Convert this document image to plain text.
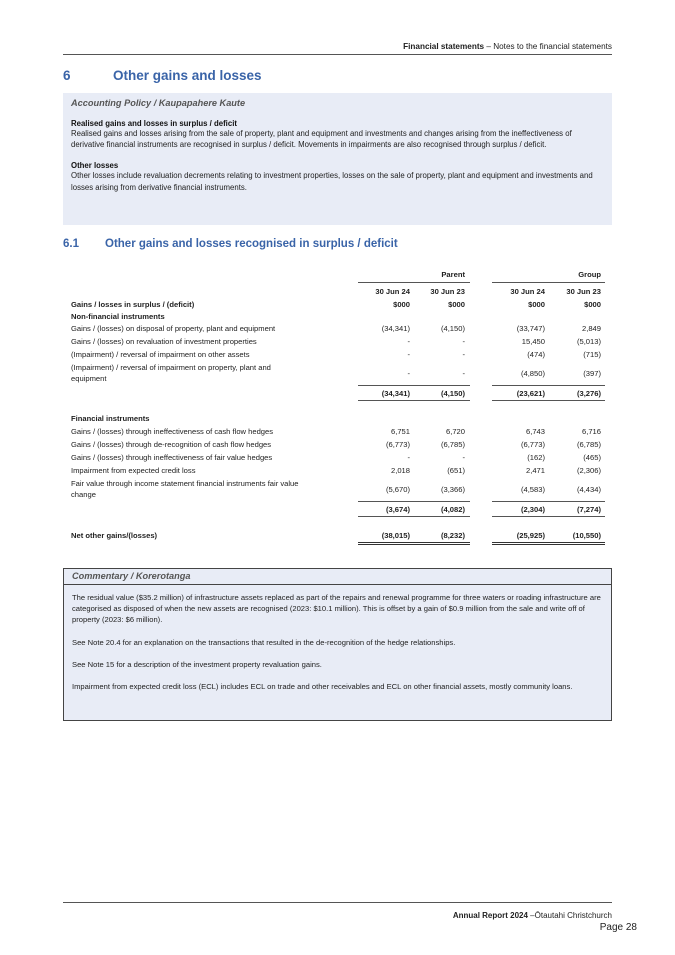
Financial statements – Notes to the financial statements
6	Other gains and losses
Accounting Policy / Kaupapahere Kaute
Realised gains and losses in surplus / deficit
Realised gains and losses arising from the sale of property, plant and equipment and investments and changes arising from the ineffectiveness of derivative financial instruments are recognised in surplus / deficit. Movements in impairments are also recognised through surplus / deficit.
Other losses
Other losses include revaluation decrements relating to investment properties, losses on the sale of property, plant and equipment and investments and losses arising from derivative financial instruments.
6.1 Other gains and losses recognised in surplus / deficit
Parent	Group
30 Jun 24	30 Jun 23	30 Jun 24	30 Jun 23
Gains / losses in surplus / (deficit)	$000	$000	$000	$000
Non-financial instruments
Gains / (losses) on disposal of property, plant and equipment	(34,341)	(4,150)	(33,747)	2,849
Gains / (losses) on revaluation of investment properties	-	-	15,450	(5,013)
(Impairment) / reversal of impairment on other assets	-	-	(474)	(715)
(Impairment) / reversal of impairment on property, plant and
equipment
-	-	(4,850)	(397)
(34,341)	(4,150)	(23,621)	(3,276)
Financial instruments
Gains / (losses) through ineffectiveness of cash flow hedges	6,751	6,720	6,743	6,716
Gains / (losses) through de-recognition of cash flow hedges	(6,773)	(6,785)	(6,773)	(6,785)
Gains / (losses) through ineffectiveness of fair value hedges	-	-	(162)	(465)
Impairment from expected credit loss	2,018	(651)	2,471	(2,306)
Fair value through income statement financial instruments fair value
change
(5,670)	(3,366)	(4,583)	(4,434)
(3,674)	(4,082)	(2,304)	(7,274)
Net other gains/(losses)	(38,015)	(8,232)	(25,925)	(10,550)
Commentary / Korerotanga

The residual value ($35.2 million) of infrastructure assets replaced as part of the repairs and renewal programme for three waters or roading infrastructure are categorised as disposed of when the new assets are recognised (2023: $10.1 million). This is offset by a gain of $0.9 million from the sale and write off of property (2023: $6 million).

See Note 20.4 for an explanation on the transactions that resulted in the de-recognition of the hedge relationships.

See Note 15 for a description of the investment property revaluation gains.

Impairment from expected credit loss (ECL) includes ECL on trade and other receivables and ECL on other financial assets, mostly community loans.

Annual Report 2024 –Ōtautahi Christchurch
Page 28
